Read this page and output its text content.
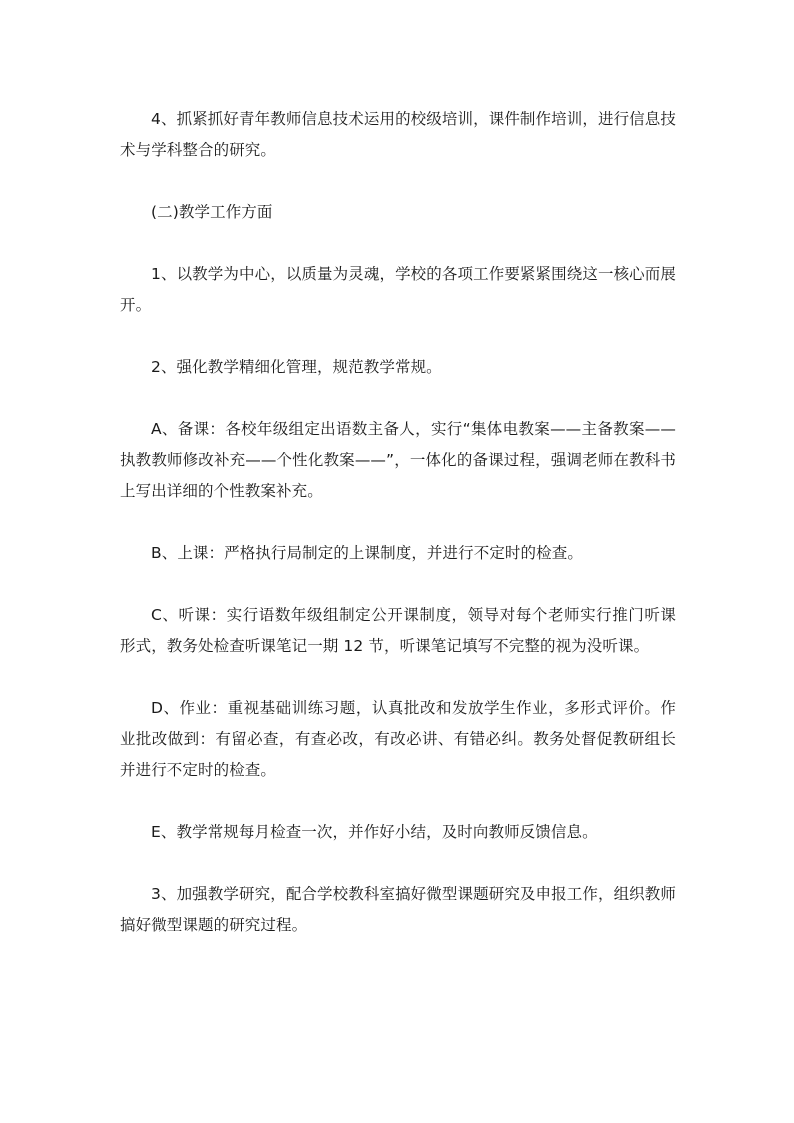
4、抓紧抓好青年教师信息技术运用的校级培训，课件制作培训，进行信息技术与学科整合的研究。

(二)教学工作方面

1、以教学为中心，以质量为灵魂，学校的各项工作要紧紧围绕这一核心而展开。

2、强化教学精细化管理，规范教学常规。

A、备课：各校年级组定出语数主备人，实行“集体电教案——主备教案——执教教师修改补充——个性化教案——”，一体化的备课过程，强调老师在教科书上写出详细的个性教案补充。

B、上课：严格执行局制定的上课制度，并进行不定时的检查。

C、听课：实行语数年级组制定公开课制度，领导对每个老师实行推门听课形式，教务处检查听课笔记一期 12 节，听课笔记填写不完整的视为没听课。

D、作业：重视基础训练习题，认真批改和发放学生作业，多形式评价。作业批改做到：有留必查，有查必改，有改必讲、有错必纠。教务处督促教研组长并进行不定时的检查。

E、教学常规每月检查一次，并作好小结，及时向教师反馈信息。

3、加强教学研究，配合学校教科室搞好微型课题研究及申报工作，组织教师搞好微型课题的研究过程。
